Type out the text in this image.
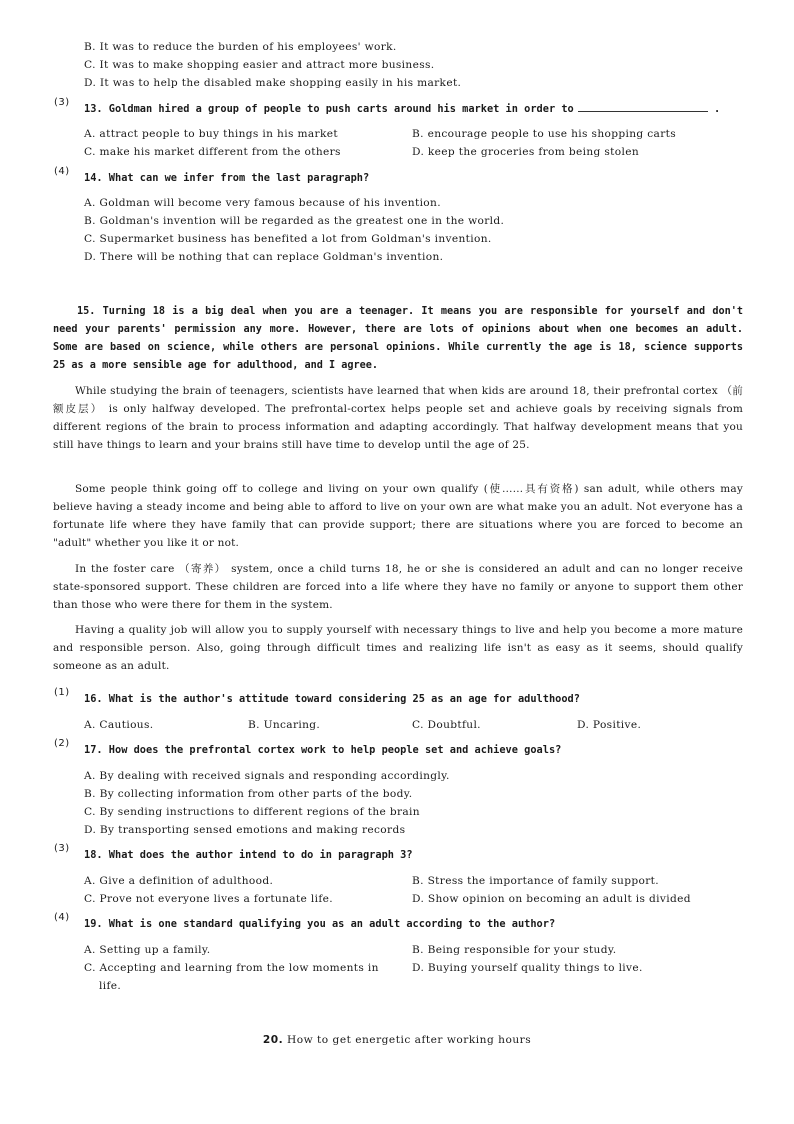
B. It was to reduce the burden of his employees' work.
C. It was to make shopping easier and attract more business.
D. It was to help the disabled make shopping easily in his market.
(3)
13. Goldman hired a group of people to push carts around his market in order to	.
A. attract people to buy things in his market	B. encourage people to use his shopping carts
C. make his market different from the others	D. keep the groceries from being stolen
(4)
14. What can we infer from the last paragraph?
A. Goldman will become very famous because of his invention.
B. Goldman's invention will be regarded as the greatest one in the world.
C. Supermarket business has benefited a lot from Goldman's invention.
D. There will be nothing that can replace Goldman's invention.
15. Turning 18 is a big deal when you are a teenager. It means you are responsible for yourself and don't need your parents' permission any more. However, there are lots of opinions about when one becomes an adult. Some are based on science, while others are personal opinions. While currently the age is 18, science supports 25 as a more sensible age for adulthood, and I agree.
While studying the brain of teenagers, scientists have learned that when kids are around 18, their prefrontal cortex （前额皮层） is only halfway developed. The prefrontal-cortex helps people set and achieve goals by receiving signals from different regions of the brain to process information and adapting accordingly. That halfway development means that you still have things to learn and your brains still have time to develop until the age of 25.
Some people think going off to college and living on your own qualify (使……具有资格) san adult, while others may believe having a steady income and being able to afford to live on your own are what make you an adult. Not everyone has a fortunate life where they have family that can provide support; there are situations where you are forced to become an "adult" whether you like it or not.
In the foster care （寄养） system, once a child turns 18, he or she is considered an adult and can no longer receive state-sponsored support. These children are forced into a life where they have no family or anyone to support them other than those who were there for them in the system.
Having a quality job will allow you to supply yourself with necessary things to live and help you become a more mature and responsible person. Also, going through difficult times and realizing life isn't as easy as it seems, should qualify someone as an adult.
(1)
16. What is the author's attitude toward considering 25 as an age for adulthood?
A. Cautious.	B. Uncaring.	C. Doubtful.	D. Positive.
(2)
17. How does the prefrontal cortex work to help people set and achieve goals?
A. By dealing with received signals and responding accordingly.
B. By collecting information from other parts of the body.
C. By sending instructions to different regions of the brain
D. By transporting sensed emotions and making records
(3)
18. What does the author intend to do in paragraph 3?
A. Give a definition of adulthood.	B. Stress the importance of family support.
C. Prove not everyone lives a fortunate life.	D. Show opinion on becoming an adult is divided
(4)
19. What is one standard qualifying you as an adult according to the author?
A. Setting up a family.	B. Being responsible for your study.
C. Accepting and learning from the low moments in
life.
D. Buying yourself quality things to live.
20. How to get energetic after working hours
